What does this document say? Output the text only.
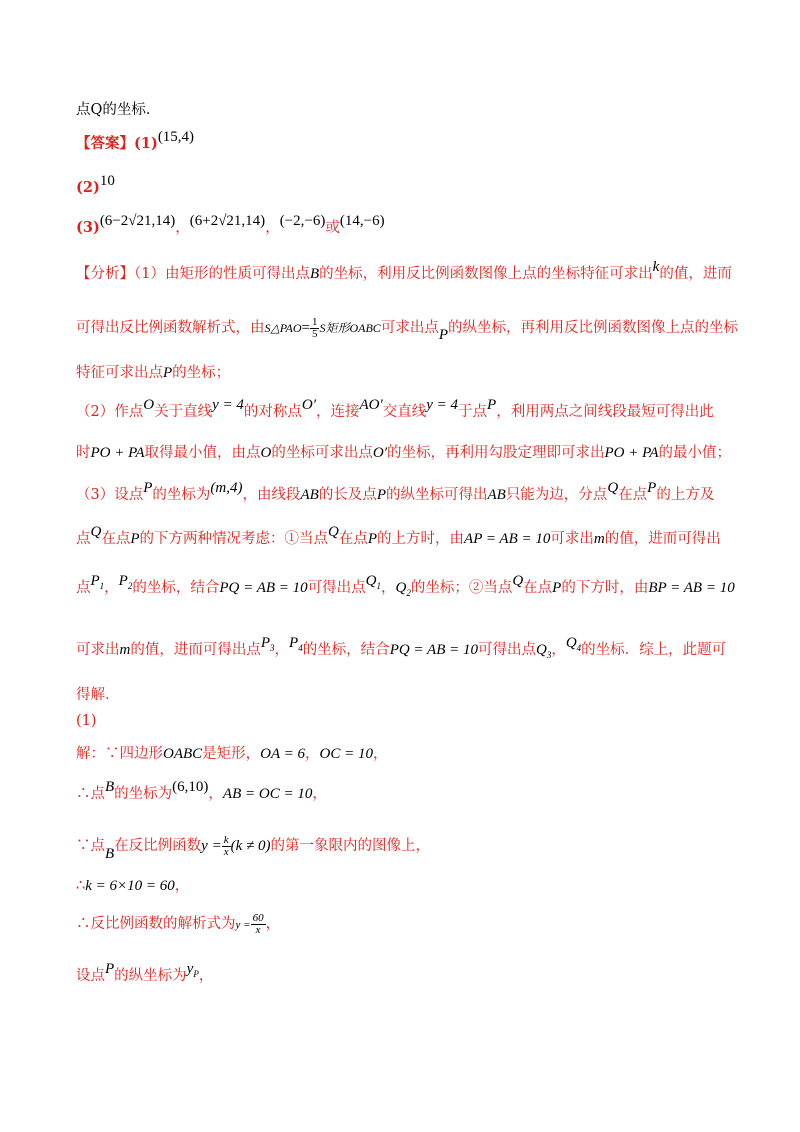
点Q的坐标．
【答案】(1)(15,4)
(2)10
(3)(6−2√21,14)，(6+2√21,14)，(−2,−6)或(14,−6)
【分析】（1）由矩形的性质可得出点B的坐标，利用反比例函数图像上点的坐标特征可求出k的值，进而
可得出反比例函数解析式，由S△PAO= $\frac{1}{5}$ S矩形OABC可求出点P的纵坐标，再利用反比例函数图像上点的坐标
特征可求出点P的坐标；
（2）作点O关于直线y = 4的对称点O′，连接AO′交直线y = 4于点P，利用两点之间线段最短可得出此
时PO + PA取得最小值，由点O的坐标可求出点O′的坐标，再利用勾股定理即可求出PO + PA的最小值；
（3）设点P的坐标为(m,4)，由线段AB的长及点P的纵坐标可得出AB只能为边，分点Q在点P的上方及
点Q在点P的下方两种情况考虑：①当点Q在点P的上方时，由AP = AB = 10可求出m的值，进而可得出
点$P_1$，$P_2$的坐标，结合PQ = AB = 10可得出点$Q_1$，$Q_2$的坐标；②当点Q在点P的下方时，由BP = AB = 10
可求出m的值，进而可得出点$P_3$，$P_4$的坐标，结合PQ = AB = 10可得出点$Q_3$，$Q_4$的坐标．综上，此题可
得解．
(1)
解：∵四边形OABC是矩形，OA = 6，OC = 10，
∴点B的坐标为(6,10)，AB = OC = 10，
∵点B在反比例函数$y = \frac{k}{x} (k \ne 0)$的第一象限内的图像上，
∴k = 6×10 = 60，
∴反比例函数的解析式为$y = \frac{60}{x}$ ，
设点P的纵坐标为$y_P$，
